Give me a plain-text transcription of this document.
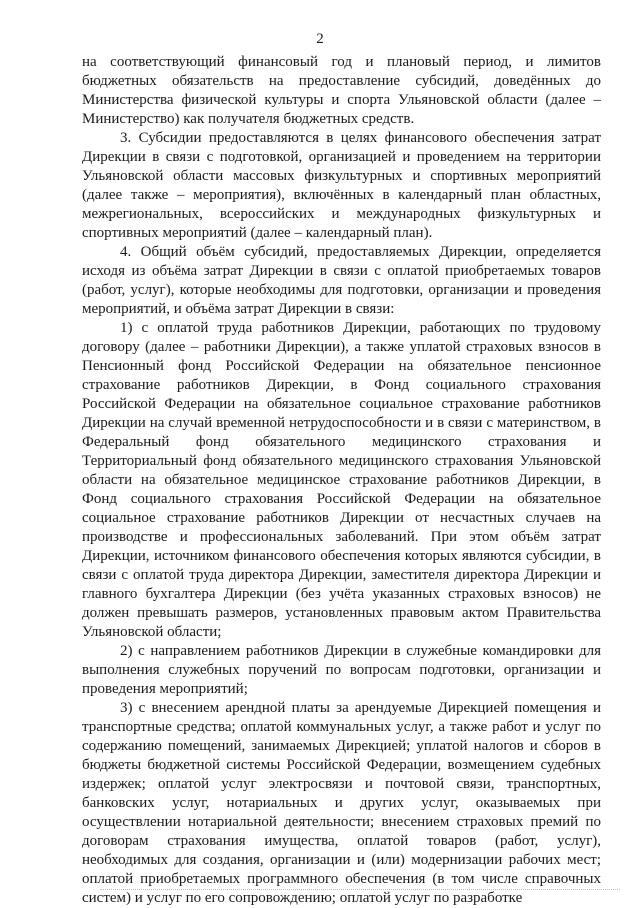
2

на соответствующий финансовый год и плановый период, и лимитов бюджетных обязательств на предоставление субсидий, доведённых до Министерства физической культуры и спорта Ульяновской области (далее – Министерство) как получателя бюджетных средств.

3. Субсидии предоставляются в целях финансового обеспечения затрат Дирекции в связи с подготовкой, организацией и проведением на территории Ульяновской области массовых физкультурных и спортивных мероприятий (далее также – мероприятия), включённых в календарный план областных, межрегиональных, всероссийских и международных физкультурных и спортивных мероприятий (далее – календарный план).

4. Общий объём субсидий, предоставляемых Дирекции, определяется исходя из объёма затрат Дирекции в связи с оплатой приобретаемых товаров (работ, услуг), которые необходимы для подготовки, организации и проведения мероприятий, и объёма затрат Дирекции в связи:

1) с оплатой труда работников Дирекции, работающих по трудовому договору (далее – работники Дирекции), а также уплатой страховых взносов в Пенсионный фонд Российской Федерации на обязательное пенсионное страхование работников Дирекции, в Фонд социального страхования Российской Федерации на обязательное социальное страхование работников Дирекции на случай временной нетрудоспособности и в связи с материнством, в Федеральный фонд обязательного медицинского страхования и Территориальный фонд обязательного медицинского страхования Ульяновской области на обязательное медицинское страхование работников Дирекции, в Фонд социального страхования Российской Федерации на обязательное социальное страхование работников Дирекции от несчастных случаев на производстве и профессиональных заболеваний. При этом объём затрат Дирекции, источником финансового обеспечения которых являются субсидии, в связи с оплатой труда директора Дирекции, заместителя директора Дирекции и главного бухгалтера Дирекции (без учёта указанных страховых взносов) не должен превышать размеров, установленных правовым актом Правительства Ульяновской области;

2) с направлением работников Дирекции в служебные командировки для выполнения служебных поручений по вопросам подготовки, организации и проведения мероприятий;

3) с внесением арендной платы за арендуемые Дирекцией помещения и транспортные средства; оплатой коммунальных услуг, а также работ и услуг по содержанию помещений, занимаемых Дирекцией; уплатой налогов и сборов в бюджеты бюджетной системы Российской Федерации, возмещением судебных издержек; оплатой услуг электросвязи и почтовой связи, транспортных, банковских услуг, нотариальных и других услуг, оказываемых при осуществлении нотариальной деятельности; внесением страховых премий по договорам страхования имущества, оплатой товаров (работ, услуг), необходимых для создания, организации и (или) модернизации рабочих мест; оплатой приобретаемых программного обеспечения (в том числе справочных систем) и услуг по его сопровождению; оплатой услуг по разработке
